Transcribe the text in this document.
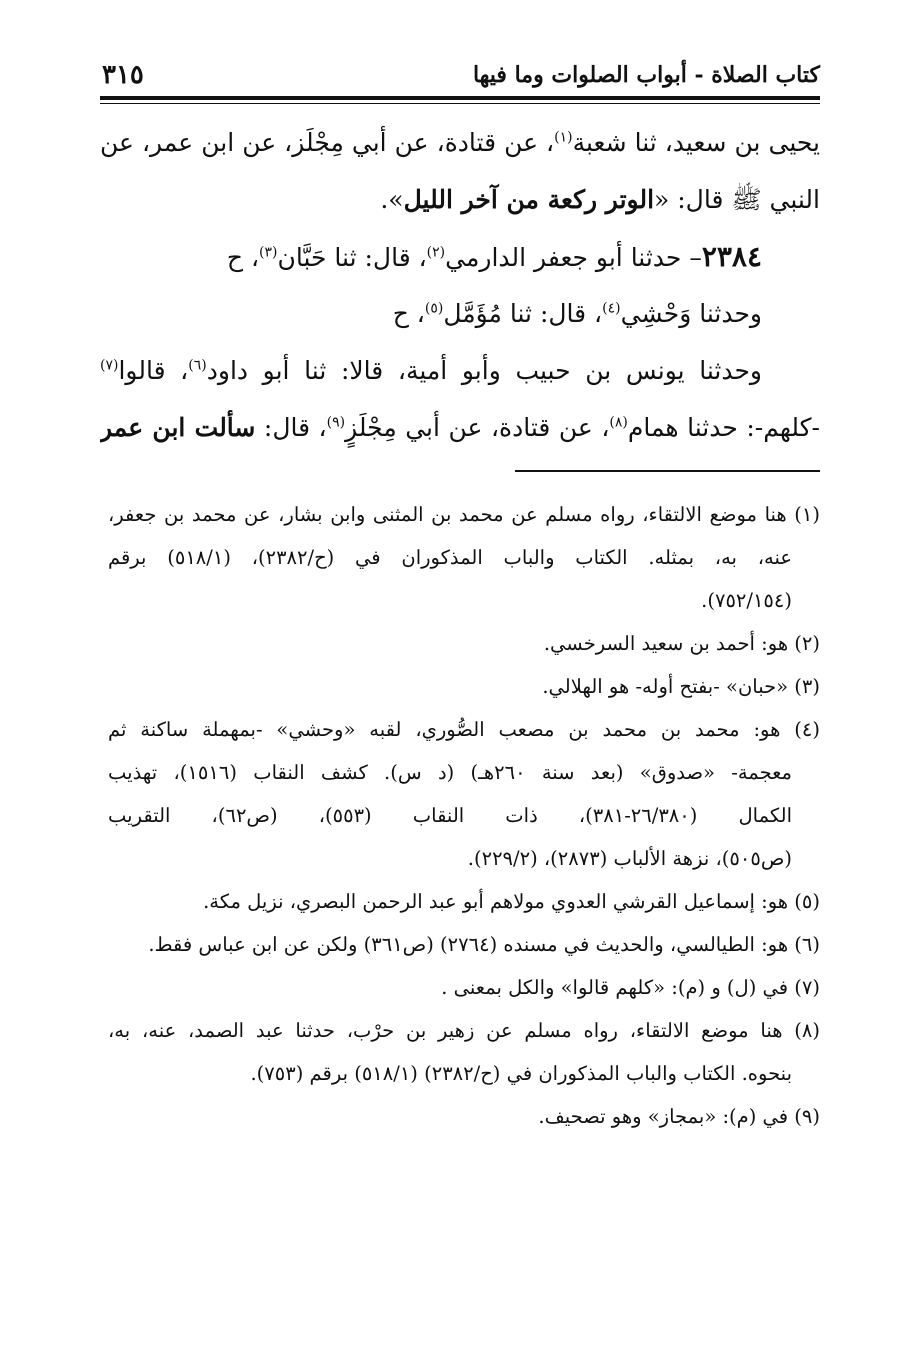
كتاب الصلاة - أبواب الصلوات وما فيها
٣١٥
يحيى بن سعيد، ثنا شعبة$^{(١)}$، عن قتادة، عن أبي مِجْلَز، عن ابن عمر، عن
النبي ﷺ قال: «الوتر ركعة من آخر الليل».
٢٣٨٤– حدثنا أبو جعفر الدارمي$^{(٢)}$، قال: ثنا حَبَّان$^{(٣)}$، ح
وحدثنا وَحْشِي$^{(٤)}$، قال: ثنا مُؤَمَّل$^{(٥)}$، ح
وحدثنا يونس بن حبيب وأبو أمية، قالا: ثنا أبو داود$^{(٦)}$، قالوا$^{(٧)}$
-كلهم-: حدثنا همام$^{(٨)}$، عن قتادة، عن أبي مِجْلَزٍ$^{(٩)}$، قال: سألت ابن عمر
(١) هنا موضع الالتقاء، رواه مسلم عن محمد بن المثنى وابن بشار، عن محمد بن جعفر،
عنه، به، بمثله. الكتاب والباب المذكوران في (ح/٢٣٨٢)، (٥١٨/١) برقم
(٧٥٢/١٥٤).
(٢) هو: أحمد بن سعيد السرخسي.
(٣) «حبان» -بفتح أوله- هو الهلالي.
(٤) هو: محمد بن محمد بن مصعب الصُّوري، لقبه «وحشي» -بمهملة ساكنة ثم
معجمة- «صدوق» (بعد سنة ٢٦٠هـ) (د س). كشف النقاب (١٥١٦)، تهذيب
الكمال (٢٦/٣٨٠-٣٨١)، ذات النقاب (٥٥٣)، (ص٦٢)، التقريب
(ص٥٠٥)، نزهة الألباب (٢٨٧٣)، (٢٢٩/٢).
(٥) هو: إسماعيل القرشي العدوي مولاهم أبو عبد الرحمن البصري، نزيل مكة.
(٦) هو: الطيالسي، والحديث في مسنده (٢٧٦٤) (ص٣٦١) ولكن عن ابن عباس فقط.
(٧) في (ل) و (م): «كلهم قالوا» والكل بمعنى .
(٨) هنا موضع الالتقاء، رواه مسلم عن زهير بن حرْب، حدثنا عبد الصمد، عنه، به،
بنحوه. الكتاب والباب المذكوران في (ح/٢٣٨٢) (٥١٨/١) برقم (٧٥٣).
(٩) في (م): «بمجاز» وهو تصحيف.
